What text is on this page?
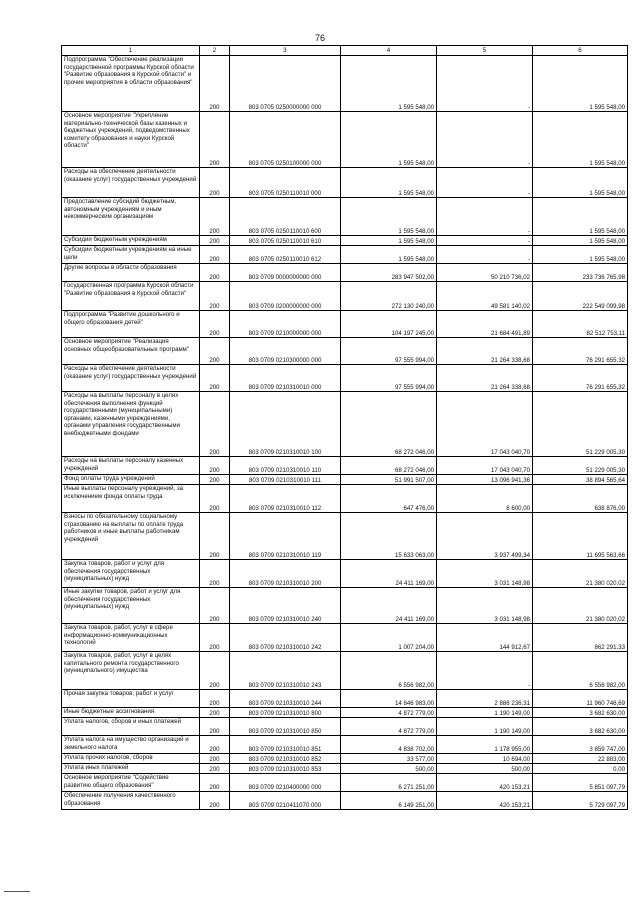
76
1	2	3	4	5	6
Подпрограмма "Обеспечение реализации государственной программы Курской области "Развитие образования в Курской области" и прочие мероприятия в области образования"	200	803 0705 0250000000 000	1 595 548,00	-	1 595 548,00
Основное мероприятие "Укрепление материально-технической базы казенных и бюджетных учреждений, подведомственных комитету образования и науки Курской области"	200	803 0705 0250100000 000	1 595 548,00	-	1 595 548,00
Расходы на обеспечение деятельности (оказание услуг) государственных учреждений	200	803 0705 0250110010 000	1 595 548,00	-	1 595 548,00
Предоставление субсидий бюджетным, автономным учреждениям и иным некоммерческим организациям	200	803 0705 0250110010 600	1 595 548,00	-	1 595 548,00
Субсидии бюджетным учреждениям	200	803 0705 0250110010 610	1 595 548,00	-	1 595 548,00
Субсидии бюджетным учреждениям на иные цели	200	803 0705 0250110010 612	1 595 548,00	-	1 595 548,00
Другие вопросы в области образования	200	803 0709 0000000000 000	283 947 502,00	50 210 736,02	233 736 765,98
Государственная программа Курской области "Развитие образования в Курской области"	200	803 0709 0200000000 000	272 130 240,00	49 581 140,02	222 549 099,98
Подпрограмма "Развитие дошкольного и общего образования детей"	200	803 0709 0210000000 000	104 197 245,00	21 684 491,89	82 512 753,11
Основное мероприятие "Реализация основных общеобразовательных программ"	200	803 0709 0210300000 000	97 555 994,00	21 264 338,68	76 291 655,32
Расходы на обеспечение деятельности (оказание услуг) государственных учреждений	200	803 0709 0210310010 000	97 555 994,00	21 264 338,68	76 291 655,32
Расходы на выплаты персоналу в целях обеспечения выполнения функций государственными (муниципальными) органами, казенными учреждениями, органами управления государственными внебюджетными фондами	200	803 0709 0210310010 100	68 272 046,00	17 043 040,70	51 229 005,30
Расходы на выплаты персоналу казенных учреждений	200	803 0709 0210310010 110	68 272 046,00	17 043 040,70	51 229 005,30
Фонд оплаты труда учреждений	200	803 0709 0210310010 111	51 991 507,00	13 096 941,36	38 894 565,64
Иные выплаты персоналу учреждений, за исключением фонда оплаты труда	200	803 0709 0210310010 112	647 476,00	8 600,00	638 876,00
Взносы по обязательному социальному страхованию на выплаты по оплате труда работников и иные выплаты работникам учреждений	200	803 0709 0210310010 119	15 633 063,00	3 937 499,34	11 695 563,66
Закупка товаров, работ и услуг для обеспечения государственных (муниципальных) нужд	200	803 0709 0210310010 200	24 411 169,00	3 031 148,98	21 380 020,02
Иные закупки товаров, работ и услуг для обеспечения государственных (муниципальных) нужд	200	803 0709 0210310010 240	24 411 169,00	3 031 148,98	21 380 020,02
Закупка товаров, работ, услуг в сфере информационно-коммуникационных технологий	200	803 0709 0210310010 242	1 007 204,00	144 912,67	862 291,33
Закупка товаров, работ, услуг в целях капитального ремонта государственного (муниципального) имущества	200	803 0709 0210310010 243	6 556 982,00	-	6 556 982,00
Прочая закупка товаров, работ и услуг	200	803 0709 0210310010 244	14 846 983,00	2 886 236,31	11 960 746,69
Иные бюджетные ассигнования	200	803 0709 0210310010 800	4 872 779,00	1 190 149,00	3 682 630,00
Уплата налогов, сборов и иных платежей	200	803 0709 0210310010 850	4 872 779,00	1 190 149,00	3 682 630,00
Уплата налога на имущество организаций и земельного налога	200	803 0709 0210310010 851	4 838 702,00	1 178 955,00	3 659 747,00
Уплата прочих налогов, сборов	200	803 0709 0210310010 852	33 577,00	10 694,00	22 883,00
Уплата иных платежей	200	803 0709 0210310010 853	500,00	500,00	0,00
Основное мероприятие "Содействие развитию общего образования"	200	803 0709 0210400000 000	6 271 251,00	420 153,21	5 851 097,79
Обеспечение получения качественного образования	200	803 0709 0210411070 000	6 149 251,00	420 153,21	5 729 097,79
